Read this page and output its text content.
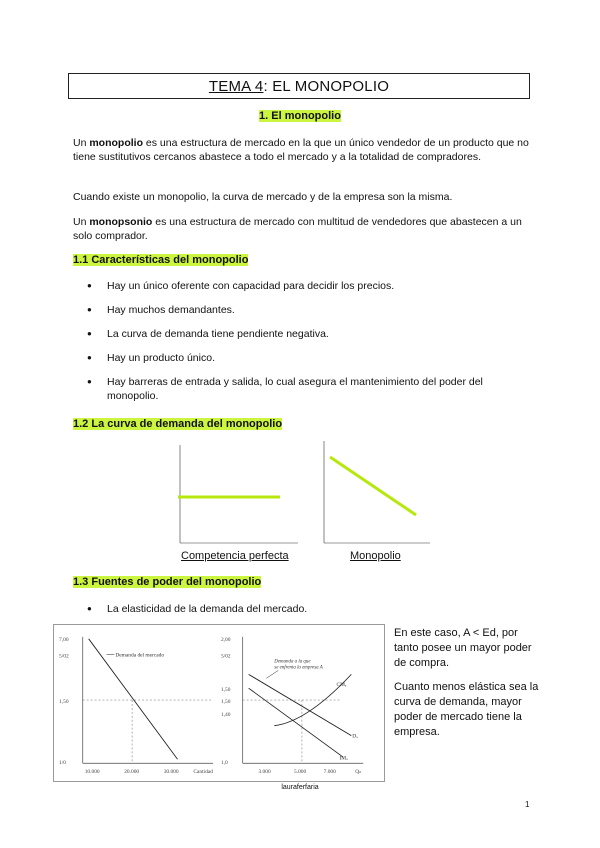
TEMA 4 : EL MONOPOLIO
1. El monopolio
Un monopolio es una estructura de mercado en la que un único vendedor de un producto que no tiene sustitutivos cercanos abastece a todo el mercado y a la totalidad de compradores.
Cuando existe un monopolio, la curva de mercado y de la empresa son la misma.
Un monopsonio es una estructura de mercado con multitud de vendedores que abastecen a un solo comprador.
1.1 Características del monopolio
● Hay un único oferente con capacidad para decidir los precios.
● Hay muchos demandantes.
● La curva de demanda tiene pendiente negativa.
● Hay un producto único.
● Hay barreras de entrada y salida, lo cual asegura el mantenimiento del poder del monopolio.
1.2 La curva de demanda del monopolio
Competencia perfecta	Monopolio
1.3 Fuentes de poder del monopolio
● La elasticidad de la demanda del mercado.
7,00
5/02
1,50
1/0
Demanda del mercado
10.000	20.000	30.000	Cantidad
2,00
5/02
1,50
1,50
1,40
1,0
Demanda a la que
se enfrenta la empresa A
CMₐ
Dₐ
IMₐ
3.000	5.000	7.000	Qₙ
En este caso, A < Ed, por tanto posee un mayor poder de compra.
Cuanto menos elástica sea la curva de demanda, mayor poder de mercado tiene la empresa.
lauraferfaria
1
